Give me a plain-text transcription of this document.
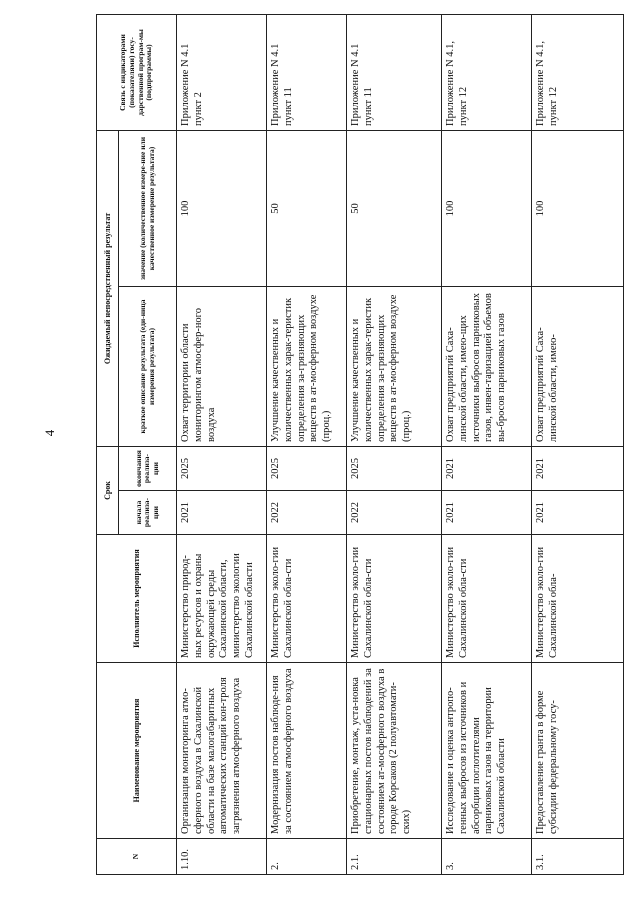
4
N	Наименование мероприятия	Исполнитель мероприятия	Срок		Ожидаемый непосредственный результат		Связь с индикаторами (показателями) госу-дарственной програм-мы (подпрограммы)
			начала реализа-ции	окончания реализа-ции	краткое описание результата (еди-ница измерения результата)	значение (количественное измере-ние или качественное измерение результата)	
1.10.	Организация мониторинга атмо-сферного воздуха в Сахалинской области на базе малогабаритных автоматических станций кон-троля загрязнения атмосферного воздуха	Министерство природ-ных ресурсов и охраны окружающей среды Сахалинской области, министерство экологии Сахалинской области	2021	2025	Охват территории области мониторингом атмосфер-ного воздуха	100	Приложение N 4.1 пункт 2
2.	Модернизация постов наблюде-ния за состоянием атмосферного воздуха	Министерство эколо-гии Сахалинской обла-сти	2022	2025	Улучшение качественных и количественных харак-теристик определения за-грязняющих веществ в ат-мосферном воздухе (проц.)	50	Приложение N 4.1 пункт 11
2.1.	Приобретение, монтаж, уста-новка стационарных постов наблюдений за состоянием ат-мосферного воздуха в городе Корсаков (2 полуавтомати-ских)	Министерство эколо-гии Сахалинской обла-сти	2022	2025	Улучшение качественных и количественных харак-теристик определения за-грязняющих веществ в ат-мосферном воздухе (проц.)	50	Приложение N 4.1 пункт 11
3.	Исследование и оценка антропо-генных выбросов из источников и абсорбции поглотителями парниковых газов на территории Сахалинской области	Министерство эколо-гии Сахалинской обла-сти	2021	2021	Охват предприятий Саха-линской области, имею-щих источники выбросов парниковых газов, инвен-таризацией объемов вы-бросов парниковых газов	100	Приложение N 4.1, пункт 12
3.1.	Предоставление гранта в форме субсидии федеральному госу-	Министерство эколо-гии Сахалинской обла-	2021	2021	Охват предприятий Саха-линской области, имею-	100	Приложение N 4.1, пункт 12
